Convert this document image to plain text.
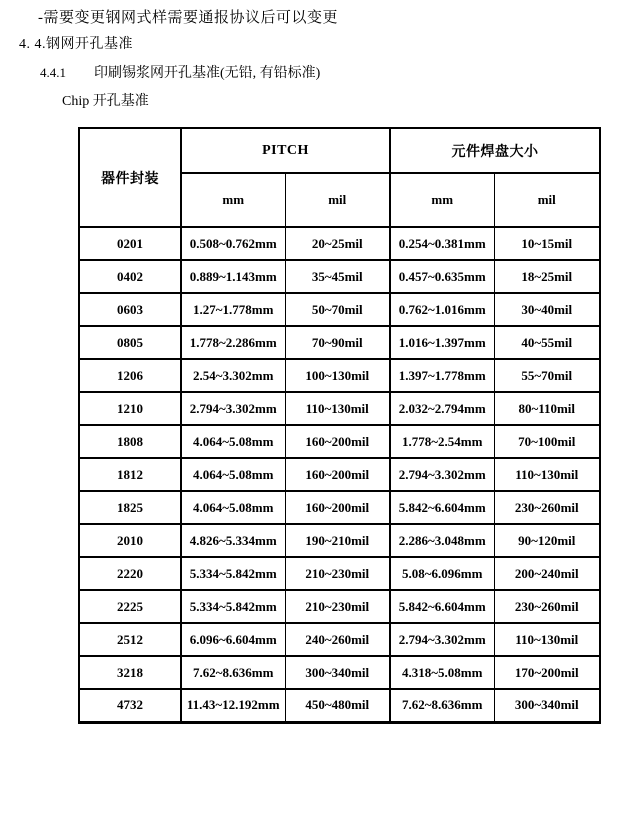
-需要变更钢网式样需要通报协议后可以变更
4. 4.钢网开孔基准
4.4.1 印刷锡浆网开孔基准(无铅, 有铅标准)
Chip 开孔基准
器件封装	PITCH		元件焊盘大小	
	mm	mil	mm	mil
0201	0.508~0.762mm	20~25mil	0.254~0.381mm	10~15mil
0402	0.889~1.143mm	35~45mil	0.457~0.635mm	18~25mil
0603	1.27~1.778mm	50~70mil	0.762~1.016mm	30~40mil
0805	1.778~2.286mm	70~90mil	1.016~1.397mm	40~55mil
1206	2.54~3.302mm	100~130mil	1.397~1.778mm	55~70mil
1210	2.794~3.302mm	110~130mil	2.032~2.794mm	80~110mil
1808	4.064~5.08mm	160~200mil	1.778~2.54mm	70~100mil
1812	4.064~5.08mm	160~200mil	2.794~3.302mm	110~130mil
1825	4.064~5.08mm	160~200mil	5.842~6.604mm	230~260mil
2010	4.826~5.334mm	190~210mil	2.286~3.048mm	90~120mil
2220	5.334~5.842mm	210~230mil	5.08~6.096mm	200~240mil
2225	5.334~5.842mm	210~230mil	5.842~6.604mm	230~260mil
2512	6.096~6.604mm	240~260mil	2.794~3.302mm	110~130mil
3218	7.62~8.636mm	300~340mil	4.318~5.08mm	170~200mil
4732	11.43~12.192mm	450~480mil	7.62~8.636mm	300~340mil
